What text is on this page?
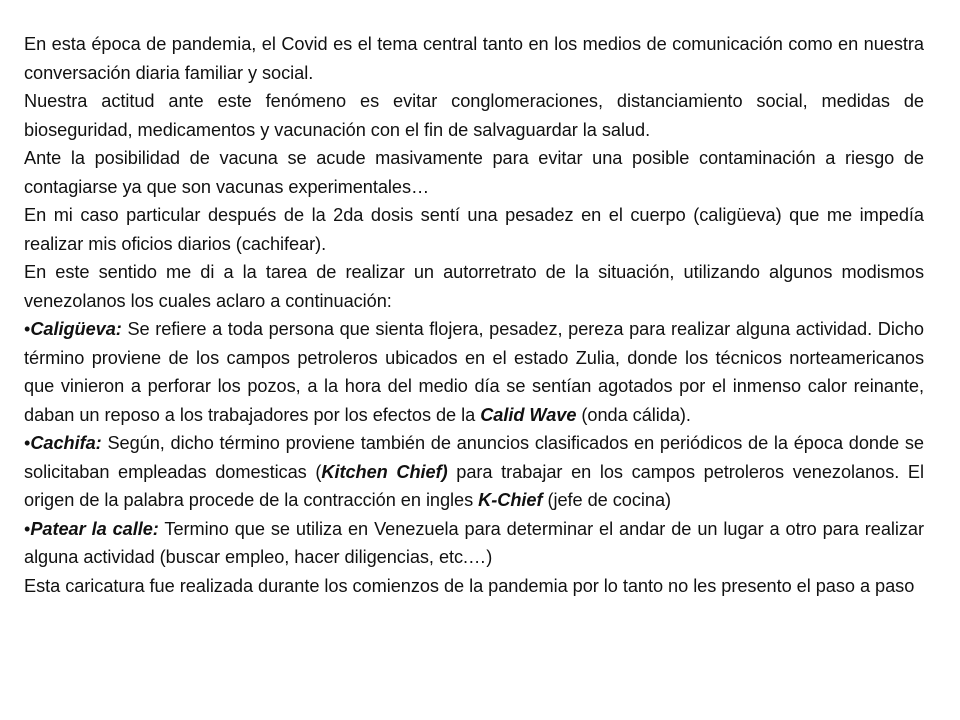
En esta época de pandemia, el Covid es el tema central tanto en los medios de comunicación como en nuestra conversación diaria familiar y social.

Nuestra actitud ante este fenómeno es evitar conglomeraciones, distanciamiento social, medidas de bioseguridad, medicamentos y vacunación con el fin de salvaguardar la salud.

Ante la posibilidad de vacuna se acude masivamente para evitar una posible contaminación a riesgo de contagiarse ya que son vacunas experimentales…

En mi caso particular después de la 2da dosis sentí una pesadez en el cuerpo (caligüeva) que me impedía realizar mis oficios diarios (cachifear).

En este sentido me di a la tarea de realizar un autorretrato de la situación, utilizando algunos modismos venezolanos los cuales aclaro a continuación:

•Caligüeva: Se refiere a toda persona que sienta flojera, pesadez, pereza para realizar alguna actividad. Dicho término proviene de los campos petroleros ubicados en el estado Zulia, donde los técnicos norteamericanos que vinieron a perforar los pozos, a la hora del medio día se sentían agotados por el inmenso calor reinante, daban un reposo a los trabajadores por los efectos de la Calid Wave (onda cálida).

•Cachifa: Según, dicho término proviene también de anuncios clasificados en periódicos de la época donde se solicitaban empleadas domesticas (Kitchen Chief) para trabajar en los campos petroleros venezolanos. El origen de la palabra procede de la contracción en ingles K-Chief (jefe de cocina)

•Patear la calle: Termino que se utiliza en Venezuela para determinar el andar de un lugar a otro para realizar alguna actividad (buscar empleo, hacer diligencias, etc.…)

Esta caricatura fue realizada durante los comienzos de la pandemia por lo tanto no les presento el paso a paso
